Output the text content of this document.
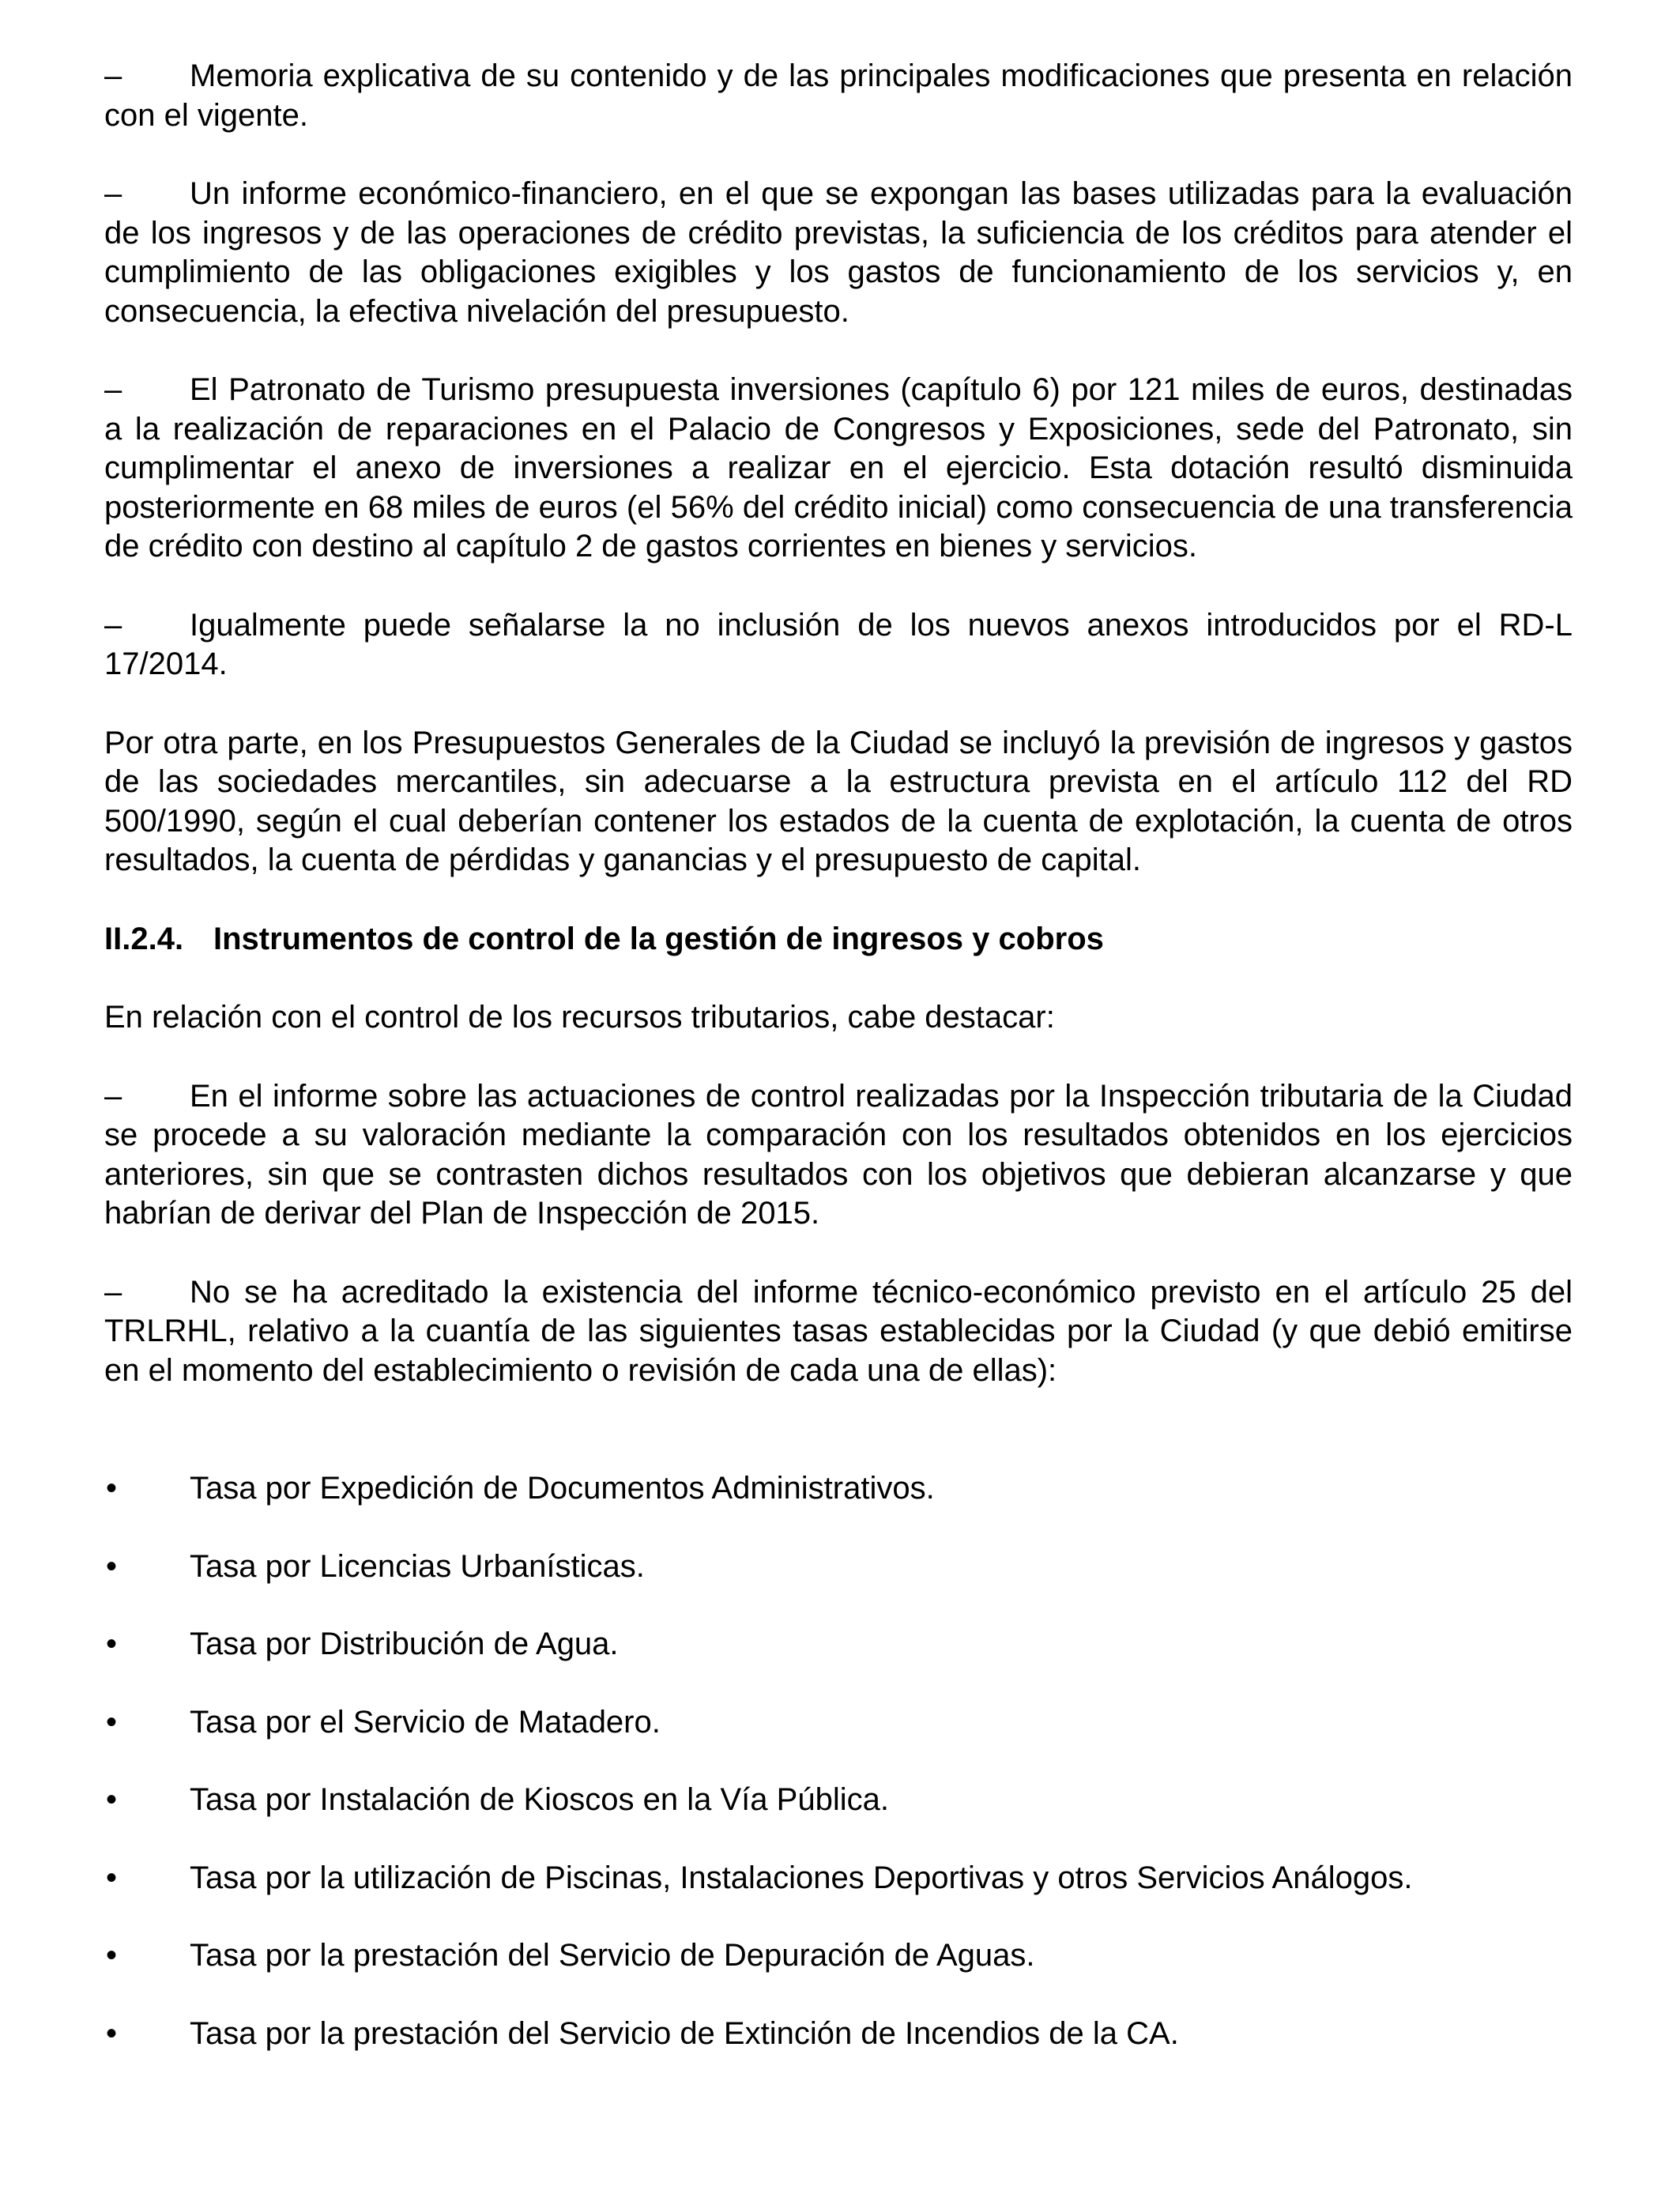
– Memoria explicativa de su contenido y de las principales modificaciones que presenta en relación con el vigente.

– Un informe económico-financiero, en el que se expongan las bases utilizadas para la evaluación de los ingresos y de las operaciones de crédito previstas, la suficiencia de los créditos para atender el cumplimiento de las obligaciones exigibles y los gastos de funcionamiento de los servicios y, en consecuencia, la efectiva nivelación del presupuesto.

– El Patronato de Turismo presupuesta inversiones (capítulo 6) por 121 miles de euros, destinadas a la realización de reparaciones en el Palacio de Congresos y Exposiciones, sede del Patronato, sin cumplimentar el anexo de inversiones a realizar en el ejercicio. Esta dotación resultó disminuida posteriormente en 68 miles de euros (el 56% del crédito inicial) como consecuencia de una transferencia de crédito con destino al capítulo 2 de gastos corrientes en bienes y servicios.

– Igualmente puede señalarse la no inclusión de los nuevos anexos introducidos por el RD-L 17/2014.

Por otra parte, en los Presupuestos Generales de la Ciudad se incluyó la previsión de ingresos y gastos de las sociedades mercantiles, sin adecuarse a la estructura prevista en el artículo 112 del RD 500/1990, según el cual deberían contener los estados de la cuenta de explotación, la cuenta de otros resultados, la cuenta de pérdidas y ganancias y el presupuesto de capital.

II.2.4. Instrumentos de control de la gestión de ingresos y cobros

En relación con el control de los recursos tributarios, cabe destacar:

– En el informe sobre las actuaciones de control realizadas por la Inspección tributaria de la Ciudad se procede a su valoración mediante la comparación con los resultados obtenidos en los ejercicios anteriores, sin que se contrasten dichos resultados con los objetivos que debieran alcanzarse y que habrían de derivar del Plan de Inspección de 2015.

– No se ha acreditado la existencia del informe técnico-económico previsto en el artículo 25 del TRLRHL, relativo a la cuantía de las siguientes tasas establecidas por la Ciudad (y que debió emitirse en el momento del establecimiento o revisión de cada una de ellas):

• Tasa por Expedición de Documentos Administrativos.
• Tasa por Licencias Urbanísticas.
• Tasa por Distribución de Agua.
• Tasa por el Servicio de Matadero.
• Tasa por Instalación de Kioscos en la Vía Pública.
• Tasa por la utilización de Piscinas, Instalaciones Deportivas y otros Servicios Análogos.
• Tasa por la prestación del Servicio de Depuración de Aguas.
• Tasa por la prestación del Servicio de Extinción de Incendios de la CA.
